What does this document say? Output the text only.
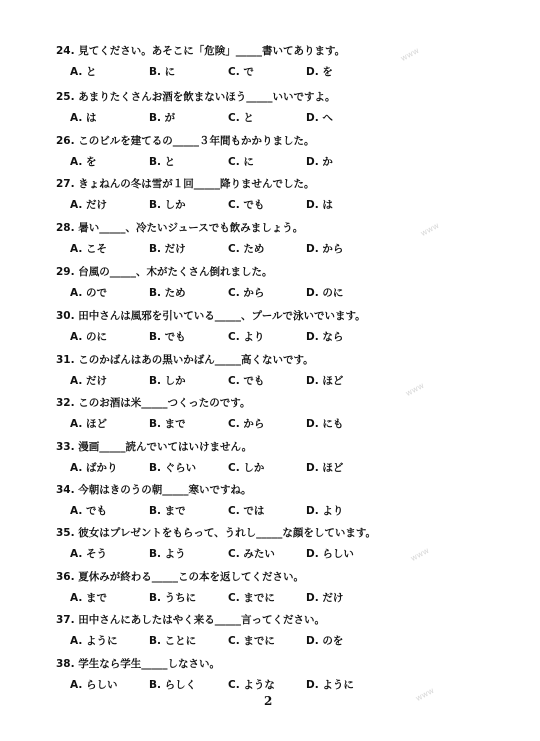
24. 見てください。あそこに「危険」_____書いてあります。
A. と	B. に	C. で	D. を
25. あまりたくさんお酒を飲まないほう_____いいですよ。
A. は	B. が	C. と	D. へ
26. このビルを建てるの_____３年間もかかりました。
A. を	B. と	C. に	D. か
27. きょねんの冬は雪が１回_____降りませんでした。
A. だけ	B. しか	C. でも	D. は
28. 暑い_____、冷たいジュースでも飲みましょう。
A. こそ	B. だけ	C. ため	D. から
29. 台風の_____、木がたくさん倒れました。
A. ので	B. ため	C. から	D. のに
30. 田中さんは風邪を引いている_____、プールで泳いでいます。
A. のに	B. でも	C. より	D. なら
31. このかばんはあの黒いかばん_____高くないです。
A. だけ	B. しか	C. でも	D. ほど
32. このお酒は米_____つくったのです。
A. ほど	B. まで	C. から	D. にも
33. 漫画_____読んでいてはいけません。
A. ばかり	B. ぐらい	C. しか	D. ほど
34. 今朝はきのうの朝_____寒いですね。
A. でも	B. まで	C. では	D. より
35. 彼女はプレゼントをもらって、うれし_____な顔をしています。
A. そう	B. よう	C. みたい	D. らしい
36. 夏休みが終わる_____この本を返してください。
A. まで	B. うちに	C. までに	D. だけ
37. 田中さんにあしたはやく来る_____言ってください。
A. ように	B. ことに	C. までに	D. のを
38. 学生なら学生_____しなさい。
A. らしい	B. らしく	C. ような	D. ように
2
www
www
www
www
www
